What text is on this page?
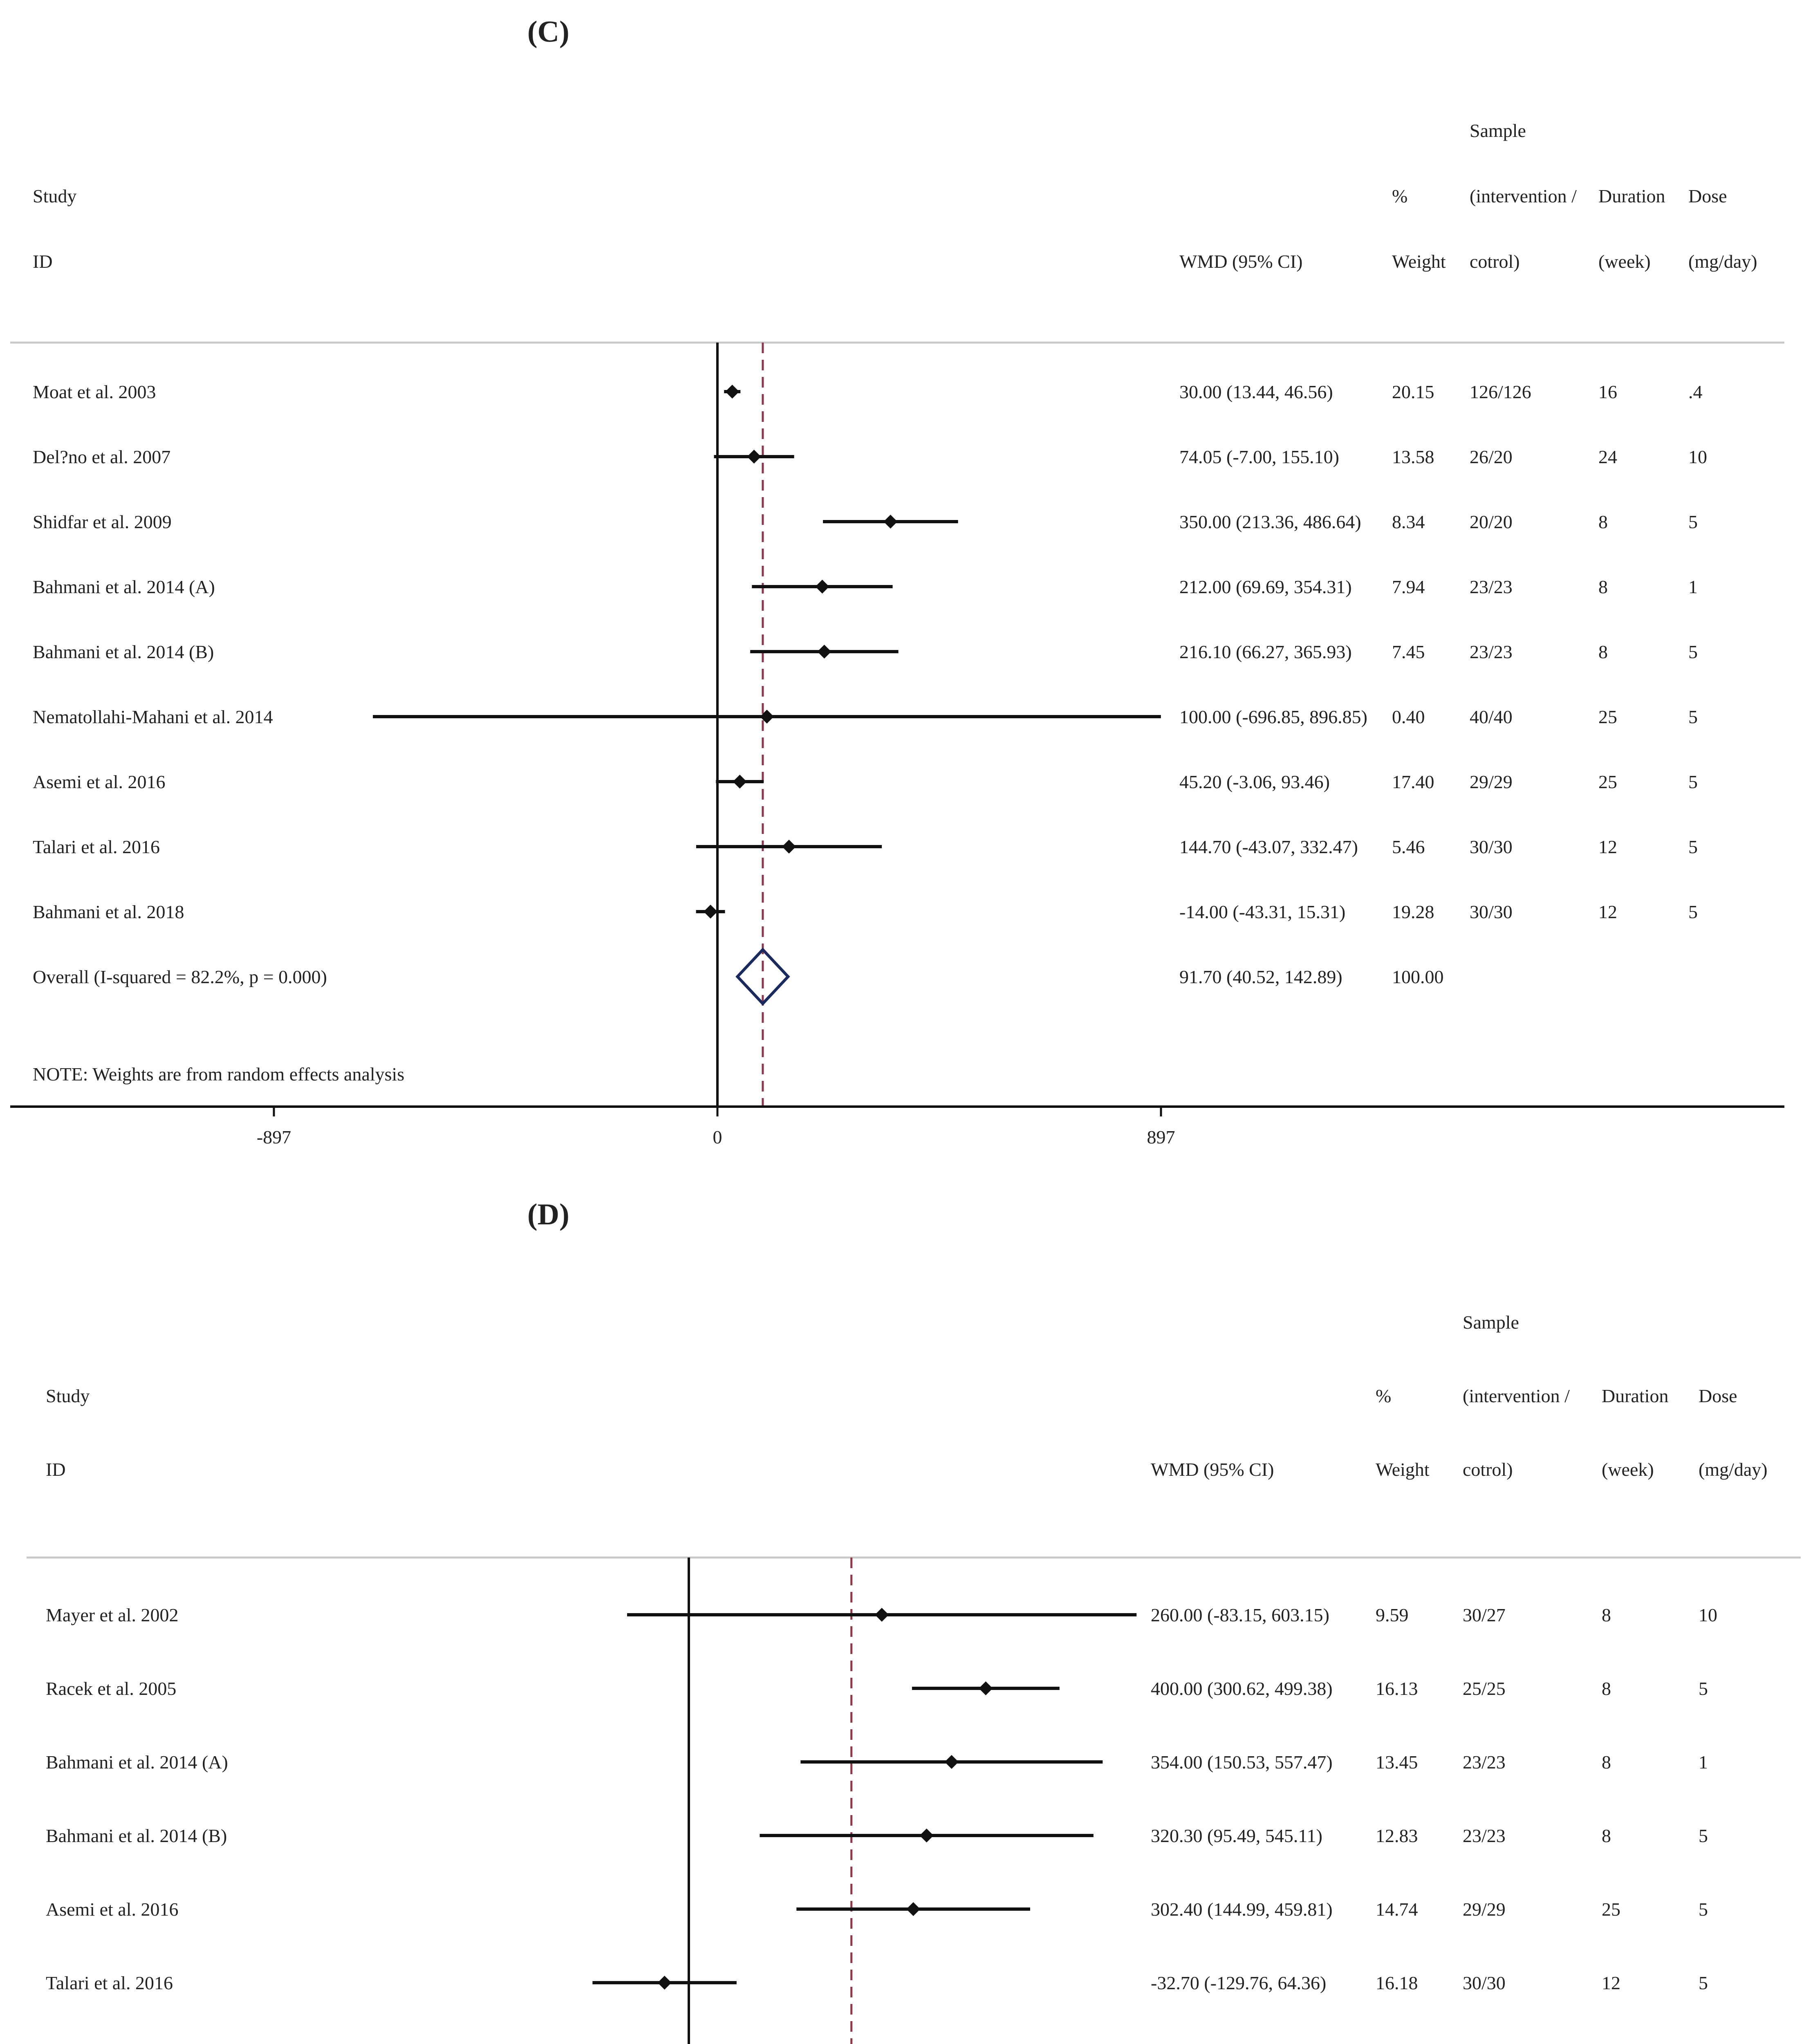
(C)
Study
ID	WMD (95% CI)
%
Weight
Sample
(intervention /
cotrol)
Duration
(week)
Dose
(mg/day)
Moat et al. 2003	30.00 (13.44, 46.56)	20.15 126/126	16	.4
Del?no et al. 2007	74.05 (-7.00, 155.10)	13.58 26/20	24	10
Shidfar et al. 2009	350.00 (213.36, 486.64) 8.34 20/20	8	5
Bahmani et al. 2014 (A)	212.00 (69.69, 354.31) 7.94 23/23	8	1
Bahmani et al. 2014 (B)	216.10 (66.27, 365.93) 7.45 23/23	8	5
Nematollahi-Mahani et al. 2014	100.00 (-696.85, 896.85) 0.40 40/40	25	5
Asemi et al. 2016	45.20 (-3.06, 93.46)	17.40 29/29	25	5
Talari et al. 2016	144.70 (-43.07, 332.47) 5.46 30/30	12	5
Bahmani et al. 2018	-14.00 (-43.31, 15.31) 19.28 30/30	12	5
Overall (I-squared = 82.2%, p = 0.000)	91.70 (40.52, 142.89)	100.00
NOTE: Weights are from random effects analysis
-897	0	897
(D)
Study
ID	WMD (95% CI)
%
Weight
Sample
(intervention /
cotrol)
Duration
(week)
Dose
(mg/day)
Mayer et al. 2002	260.00 (-83.15, 603.15) 9.59	30/27	8	10
Racek et al. 2005	400.00 (300.62, 499.38) 16.13 25/25	8	5
Bahmani et al. 2014 (A)	354.00 (150.53, 557.47) 13.45 23/23	8	1
Bahmani et al. 2014 (B)	320.30 (95.49, 545.11)	12.83 23/23	8	5
Asemi et al. 2016	302.40 (144.99, 459.81) 14.74 29/29	25	5
Talari et al. 2016	-32.70 (-129.76, 64.36)	16.18 30/30	12	5
